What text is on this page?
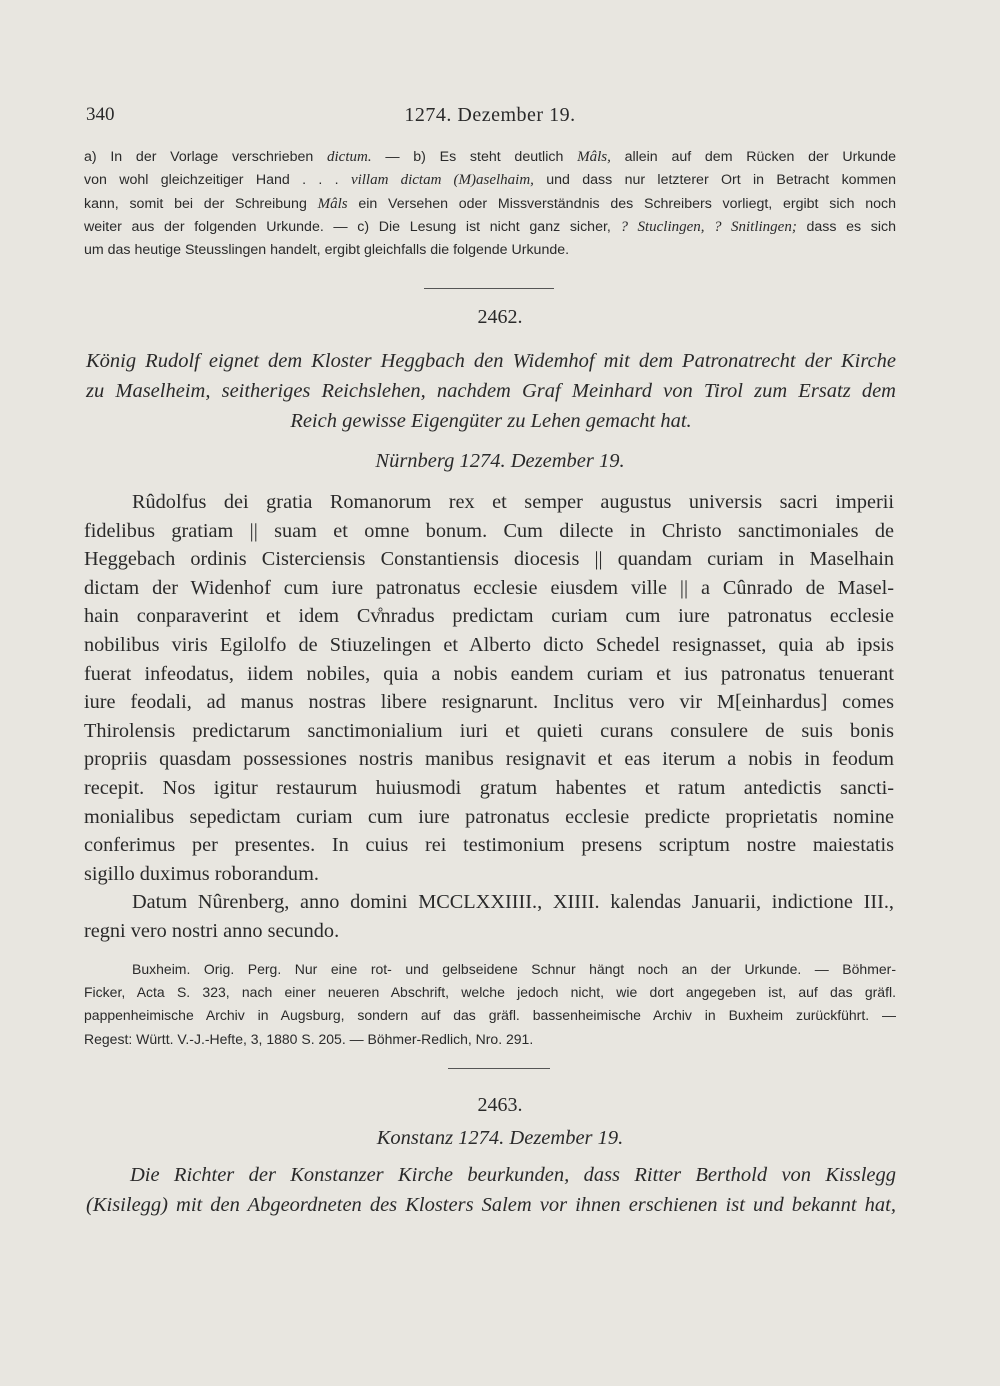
340	1274. Dezember 19.
a) In der Vorlage verschrieben dictum. — b) Es steht deutlich Mâls, allein auf dem Rücken der Urkunde
von wohl gleichzeitiger Hand . . . villam dictam (M)aselhaim, und dass nur letzterer Ort in Betracht kommen
kann, somit bei der Schreibung Mâls ein Versehen oder Missverständnis des Schreibers vorliegt, ergibt sich noch
weiter aus der folgenden Urkunde. — c) Die Lesung ist nicht ganz sicher, ? Stuclingen, ? Snitlingen; dass es sich
um das heutige Steusslingen handelt, ergibt gleichfalls die folgende Urkunde.
2462.
König Rudolf eignet dem Kloster Heggbach den Widemhof mit dem Patronatrecht der Kirche
zu Maselheim, seitheriges Reichslehen, nachdem Graf Meinhard von Tirol zum Ersatz dem
Reich gewisse Eigengüter zu Lehen gemacht hat.
Nürnberg 1274. Dezember 19.
Rûdolfus dei gratia Romanorum rex et semper augustus universis sacri imperii
fidelibus gratiam || suam et omne bonum. Cum dilecte in Christo sanctimoniales de
Heggebach ordinis Cisterciensis Constantiensis diocesis || quandam curiam in Maselhain
dictam der Widenhof cum iure patronatus ecclesie eiusdem ville || a Cûnrado de Masel-
hain conparaverint et idem Cv̊nradus predictam curiam cum iure patronatus ecclesie
nobilibus viris Egilolfo de Stiuzelingen et Alberto dicto Schedel resignasset, quia ab ipsis
fuerat infeodatus, iidem nobiles, quia a nobis eandem curiam et ius patronatus tenuerant
iure feodali, ad manus nostras libere resignarunt. Inclitus vero vir M[einhardus] comes
Thirolensis predictarum sanctimonialium iuri et quieti curans consulere de suis bonis
propriis quasdam possessiones nostris manibus resignavit et eas iterum a nobis in feodum
recepit. Nos igitur restaurum huiusmodi gratum habentes et ratum antedictis sancti-
monialibus sepedictam curiam cum iure patronatus ecclesie predicte proprietatis nomine
conferimus per presentes. In cuius rei testimonium presens scriptum nostre maiestatis
sigillo duximus roborandum.
Datum Nûrenberg, anno domini MCCLXXIIII., XIIII. kalendas Januarii, indictione III.,
regni vero nostri anno secundo.
Buxheim. Orig. Perg. Nur eine rot- und gelbseidene Schnur hängt noch an der Urkunde. — Böhmer-
Ficker, Acta S. 323, nach einer neueren Abschrift, welche jedoch nicht, wie dort angegeben ist, auf das gräfl.
pappenheimische Archiv in Augsburg, sondern auf das gräfl. bassenheimische Archiv in Buxheim zurückführt. —
Regest: Württ. V.-J.-Hefte, 3, 1880 S. 205. — Böhmer-Redlich, Nro. 291.
2463.
Konstanz 1274. Dezember 19.
Die Richter der Konstanzer Kirche beurkunden, dass Ritter Berthold von Kisslegg
(Kisilegg) mit den Abgeordneten des Klosters Salem vor ihnen erschienen ist und bekannt hat,
